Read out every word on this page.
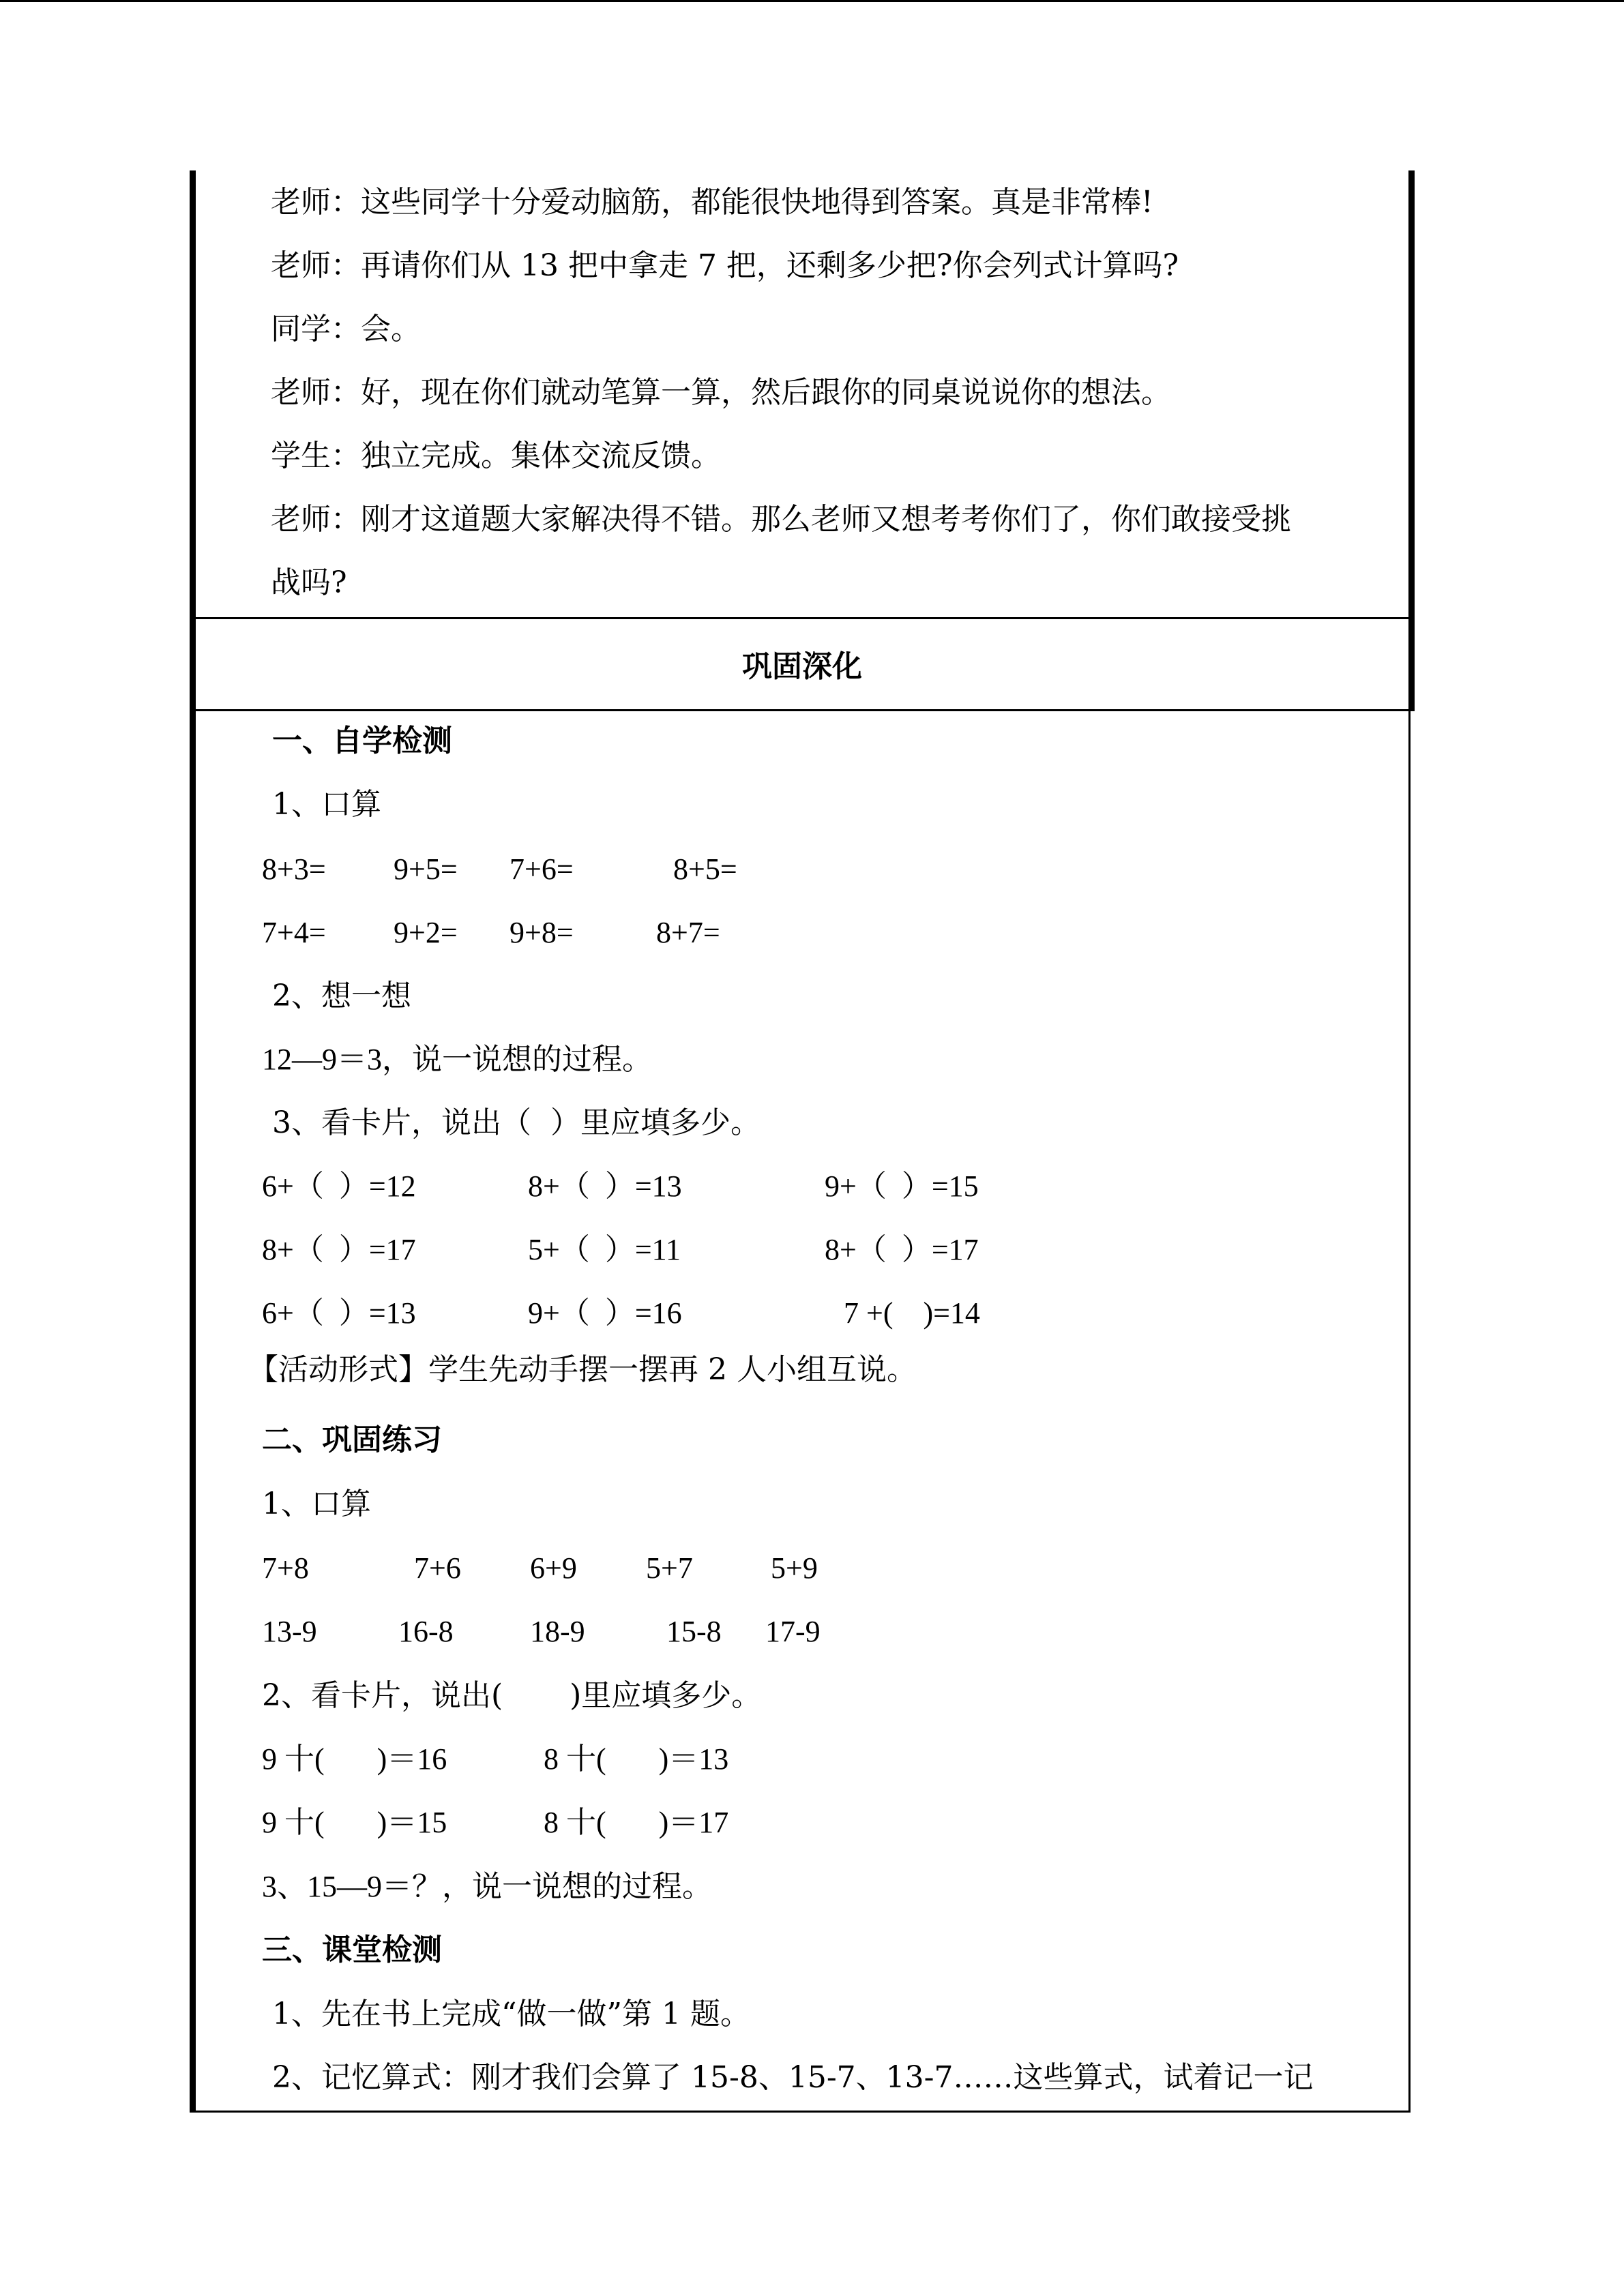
老师：这些同学十分爱动脑筋，都能很快地得到答案。真是非常棒!
老师：再请你们从 13 把中拿走 7 把，还剩多少把?你会列式计算吗?
同学：会。
老师：好，现在你们就动笔算一算，然后跟你的同桌说说你的想法。
学生：独立完成。集体交流反馈。
老师：刚才这道题大家解决得不错。那么老师又想考考你们了，你们敢接受挑
战吗?
巩固深化
一、自学检测
1、口算
8+3= 9+5= 7+6=	8+5=
7+4= 9+2= 9+8=	8+7=
2、想一想
12—9＝3，说一说想的过程。
3、看卡片，说出（  ）里应填多少。
6+（  ）=12	8+（  ）=13	9+（  ）=15
8+（  ）=17	5+（  ）=11	8+（  ）=17
6+（  ）=13	9+（  ）=16	7 +(    )=14
【活动形式】学生先动手摆一摆再 2 人小组互说。
二、巩固练习
1、口算
7+8	7+6 6+9 5+7	5+9
13-9	16-8	18-9	15-8 17-9
2、看卡片，说出(       )里应填多少。
9 十(       )＝16	8 十(       )＝13
9 十(       )＝15	8 十(       )＝17
3、15—9＝？，说一说想的过程。
三、课堂检测
1、先在书上完成“做一做”第 1 题。
2、记忆算式：刚才我们会算了 15-8、15-7、13-7……这些算式，试着记一记
